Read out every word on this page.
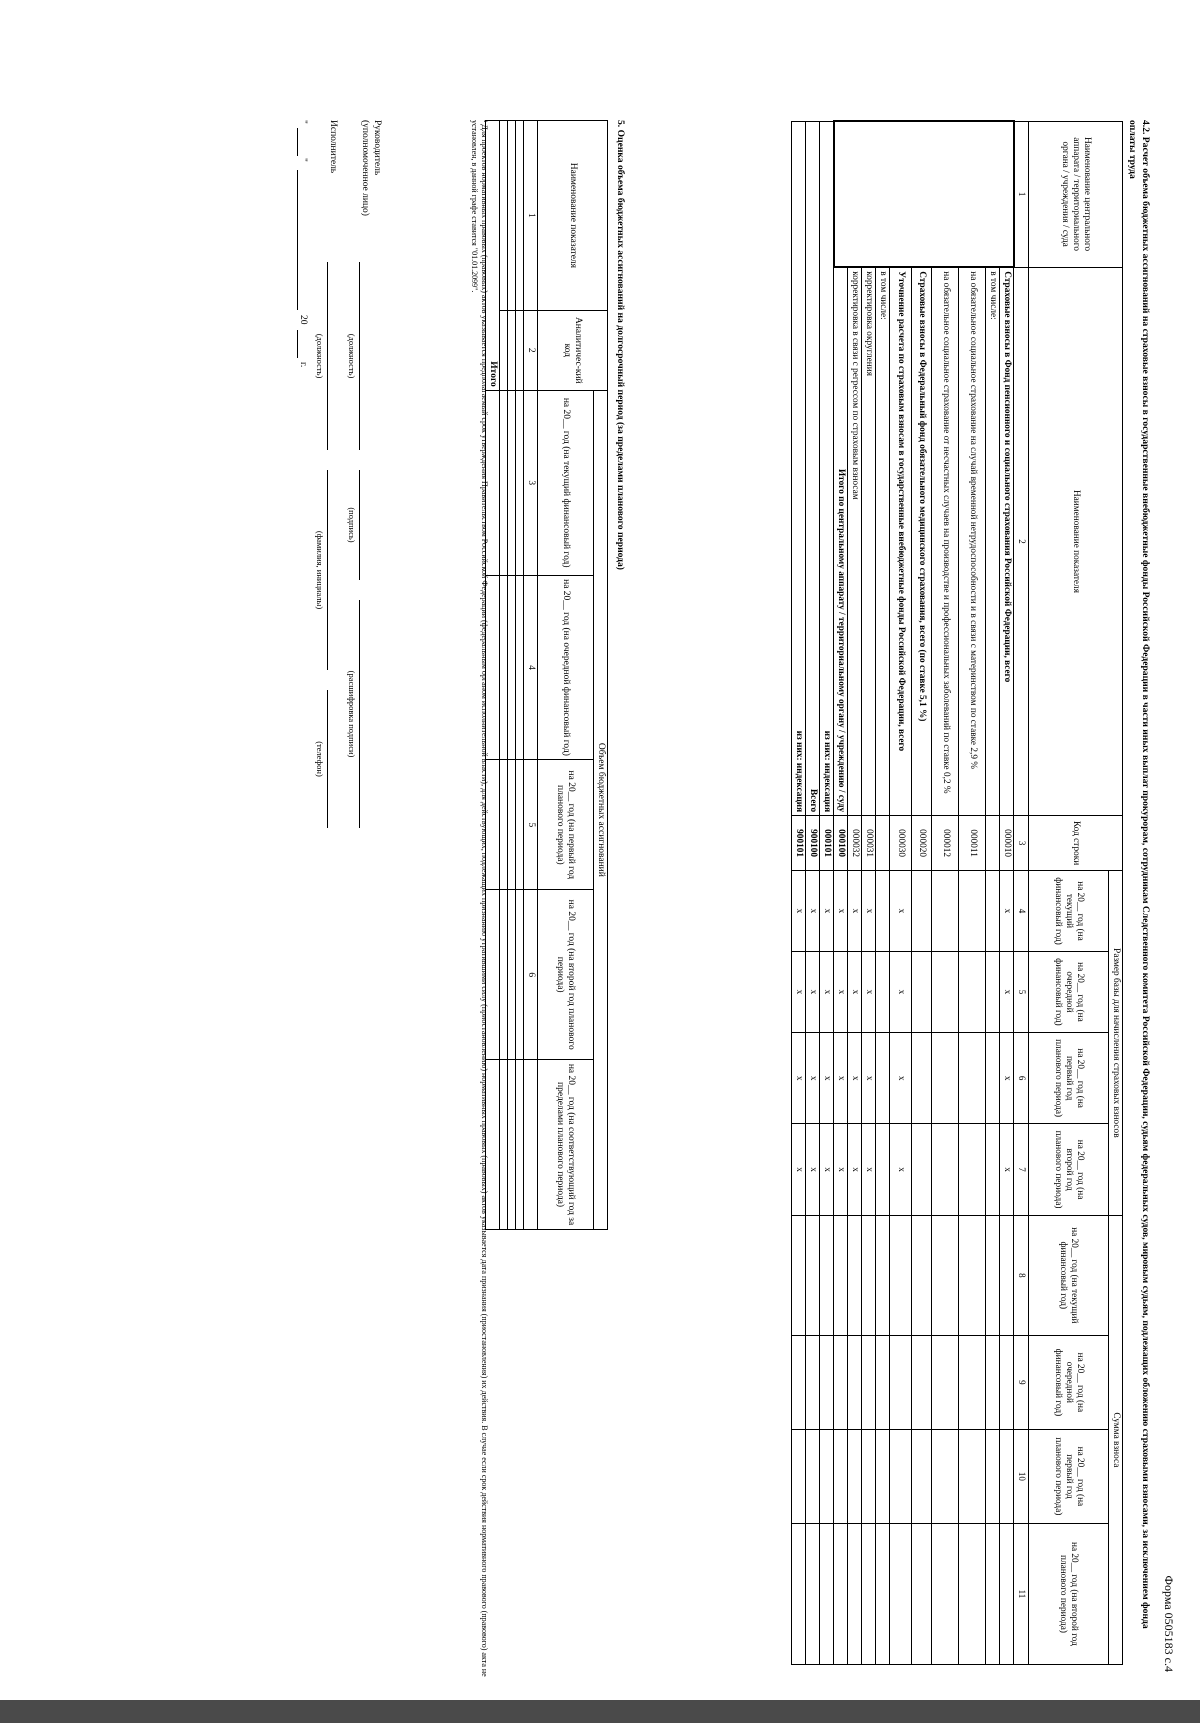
Форма 0505183 с.4
4.2. Расчет объема бюджетных ассигнований на страховые взносы в государственные внебюджетные фонды Российской Федерации в части иных выплат прокурорам, сотрудникам Следственного комитета Российской Федерации, судьям федеральных судов, мировым судьям, подлежащих обложению страховыми взносами, за исключением фонда оплаты труда
Наименование центрального аппарата / территориального органа / учреждения / суда	Наименование показателя	Код строки	Размер базы для начисления страховых взносов				Сумма взноса			
			на 20__ год (на текущий финансовый год)	на 20__ год (на очередной финансовый год)	на 20__ год (на первый год планового периода)	на 20__ год (на второй год планового периода)	на 20__ год (на текущий финансовый год)	на 20__ год (на очередной финансовый год)	на 20__ год (на первый год планового периода)	на 20__ год (на второй год планового периода)
1	2	3	4	5	6	7	8	9	10	11
	Страховые взносы в Фонд пенсионного и социального страхования Российской Федерации, всего	000010	x	x	x	x				
	в том числе:									
	на обязательное социальное страхование на случай временной нетрудоспособности и в связи с материнством по ставке 2,9 %	000011								
	на обязательное социальное страхование от несчастных случаев на производстве и профессиональных заболеваний по ставке 0,2 %	000012								
	Страховые взносы в Федеральный фонд обязательного медицинского страхования, всего (по ставке 5,1 %)	000020								
	Уточнение расчета по страховым взносам в государственные внебюджетные фонды Российской Федерации, всего	000030	x	x	x	x				
	в том числе:									
	корректировка округления	000031	x	x	x	x				
	корректировка в связи с регрессом по страховым взносам	000032	x	x	x	x				
	Итого по центральному аппарату / территориальному органу / учреждению / суду	000100	x	x	x	x				
из них: индексация		000101	x	x	x	x				
Всего		900100	x	x	x	x				
из них: индексация		900101	x	x	x	x				
5. Оценка объема бюджетных ассигнований на долгосрочный период (за пределами планового периода)
Наименование показателя	Аналитичес-кий код	Объем бюджетных ассигнований				
		на 20__ год (на текущий финансовый год)	на 20__ год (на очередной финансовый год)	на 20__ год (на первый год планового периода)	на 20__ год (на второй год планового периода)	на 20__ год (на соответствующий год за пределами планового периода)
1	2	3	4	5	6	

Итого						
¹ Для проектов нормативных правовых (правовых) актов указывается предполагаемый срок утверждения Правительством Российской Федерации (федеральным органом исполнительной власти); для действующих, подлежащих признанию утратившими силу (приостановлению) нормативных правовых (правовых) актов указывается дата признания (приостановления) их действия. В случае если срок действия нормативного правового (правового) акта не установлен, в данной графе ставится "01.01.2099".
Руководитель
(уполномоченное лицо)
(должность)
(подпись)
(расшифровка подписи)
Исполнитель
(должность)
(фамилия, инициалы)
(телефон)
"
"
20
г.
